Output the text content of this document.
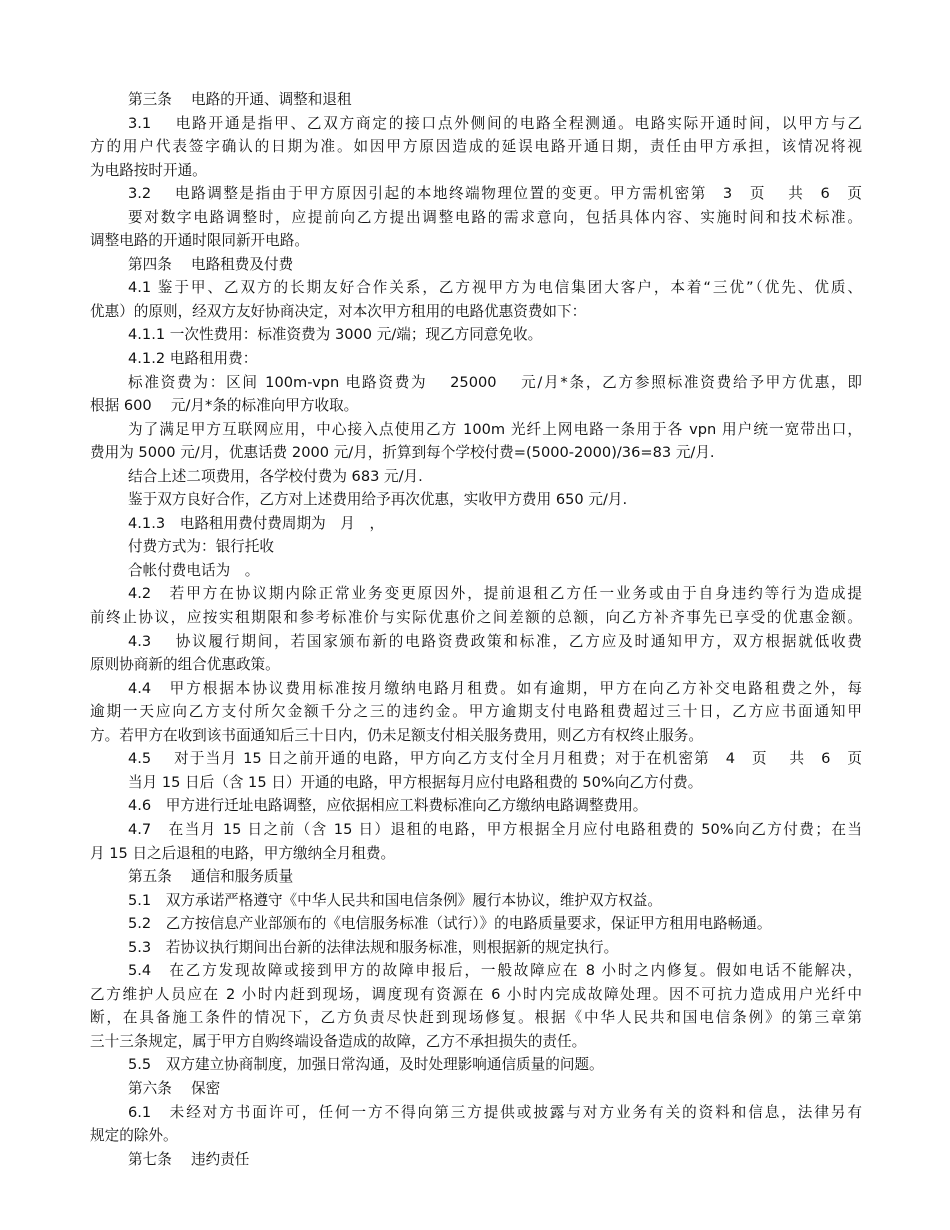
第三条　 电路的开通、调整和退租
3.1　 电路开通是指甲、乙双方商定的接口点外侧间的电路全程测通。电路实际开通时间，以甲方与乙
方的用户代表签字确认的日期为准。如因甲方原因造成的延误电路开通日期，责任由甲方承担，该情况将视
为电路按时开通。
3.2　 电路调整是指由于甲方原因引起的本地终端物理位置的变更。甲方需机密第　3　页　 共　6　页
要对数字电路调整时，应提前向乙方提出调整电路的需求意向，包括具体内容、实施时间和技术标准。
调整电路的开通时限同新开电路。
第四条　 电路租费及付费
4.1 鉴于甲、乙双方的长期友好合作关系，乙方视甲方为电信集团大客户，本着“三优”（优先、优质、
优惠）的原则，经双方友好协商决定，对本次甲方租用的电路优惠资费如下：
4.1.1 一次性费用：标准资费为 3000 元/端；现乙方同意免收。
4.1.2 电路租用费：
标准资费为：区间 100m-vpn 电路资费为　 25000　 元/月*条，乙方参照标准资费给予甲方优惠，即
根据 600　 元/月*条的标准向甲方收取。
为了满足甲方互联网应用，中心接入点使用乙方 100m 光纤上网电路一条用于各 vpn 用户统一宽带出口，
费用为 5000 元/月，优惠话费 2000 元/月，折算到每个学校付费=(5000-2000)/36=83 元/月.
结合上述二项费用，各学校付费为 683 元/月.
鉴于双方良好合作，乙方对上述费用给予再次优惠，实收甲方费用 650 元/月.
4.1.3　电路租用费付费周期为　月　，
付费方式为：银行托收
合帐付费电话为　。
4.2　若甲方在协议期内除正常业务变更原因外，提前退租乙方任一业务或由于自身违约等行为造成提
前终止协议，应按实租期限和参考标准价与实际优惠价之间差额的总额，向乙方补齐事先已享受的优惠金额。
4.3　 协议履行期间，若国家颁布新的电路资费政策和标准，乙方应及时通知甲方，双方根据就低收费
原则协商新的组合优惠政策。
4.4　甲方根据本协议费用标准按月缴纳电路月租费。如有逾期，甲方在向乙方补交电路租费之外，每
逾期一天应向乙方支付所欠金额千分之三的违约金。甲方逾期支付电路租费超过三十日，乙方应书面通知甲
方。若甲方在收到该书面通知后三十日内，仍未足额支付相关服务费用，则乙方有权终止服务。
4.5　 对于当月 15 日之前开通的电路，甲方向乙方支付全月月租费；对于在机密第　4　页　 共　6　页
当月 15 日后（含 15 日）开通的电路，甲方根据每月应付电路租费的 50%向乙方付费。
4.6　甲方进行迁址电路调整，应依据相应工料费标准向乙方缴纳电路调整费用。
4.7　在当月 15 日之前（含 15 日）退租的电路，甲方根据全月应付电路租费的 50%向乙方付费；在当
月 15 日之后退租的电路，甲方缴纳全月租费。
第五条　 通信和服务质量
5.1　双方承诺严格遵守《中华人民共和国电信条例》履行本协议，维护双方权益。
5.2　乙方按信息产业部颁布的《电信服务标准（试行）》的电路质量要求，保证甲方租用电路畅通。
5.3　若协议执行期间出台新的法律法规和服务标准，则根据新的规定执行。
5.4　在乙方发现故障或接到甲方的故障申报后，一般故障应在 8 小时之内修复。假如电话不能解决，
乙方维护人员应在 2 小时内赶到现场，调度现有资源在 6 小时内完成故障处理。因不可抗力造成用户光纤中
断，在具备施工条件的情况下，乙方负责尽快赶到现场修复。根据《中华人民共和国电信条例》的第三章第
三十三条规定，属于甲方自购终端设备造成的故障，乙方不承担损失的责任。
5.5　双方建立协商制度，加强日常沟通，及时处理影响通信质量的问题。
第六条　 保密
6.1　未经对方书面许可，任何一方不得向第三方提供或披露与对方业务有关的资料和信息，法律另有
规定的除外。
第七条　 违约责任
